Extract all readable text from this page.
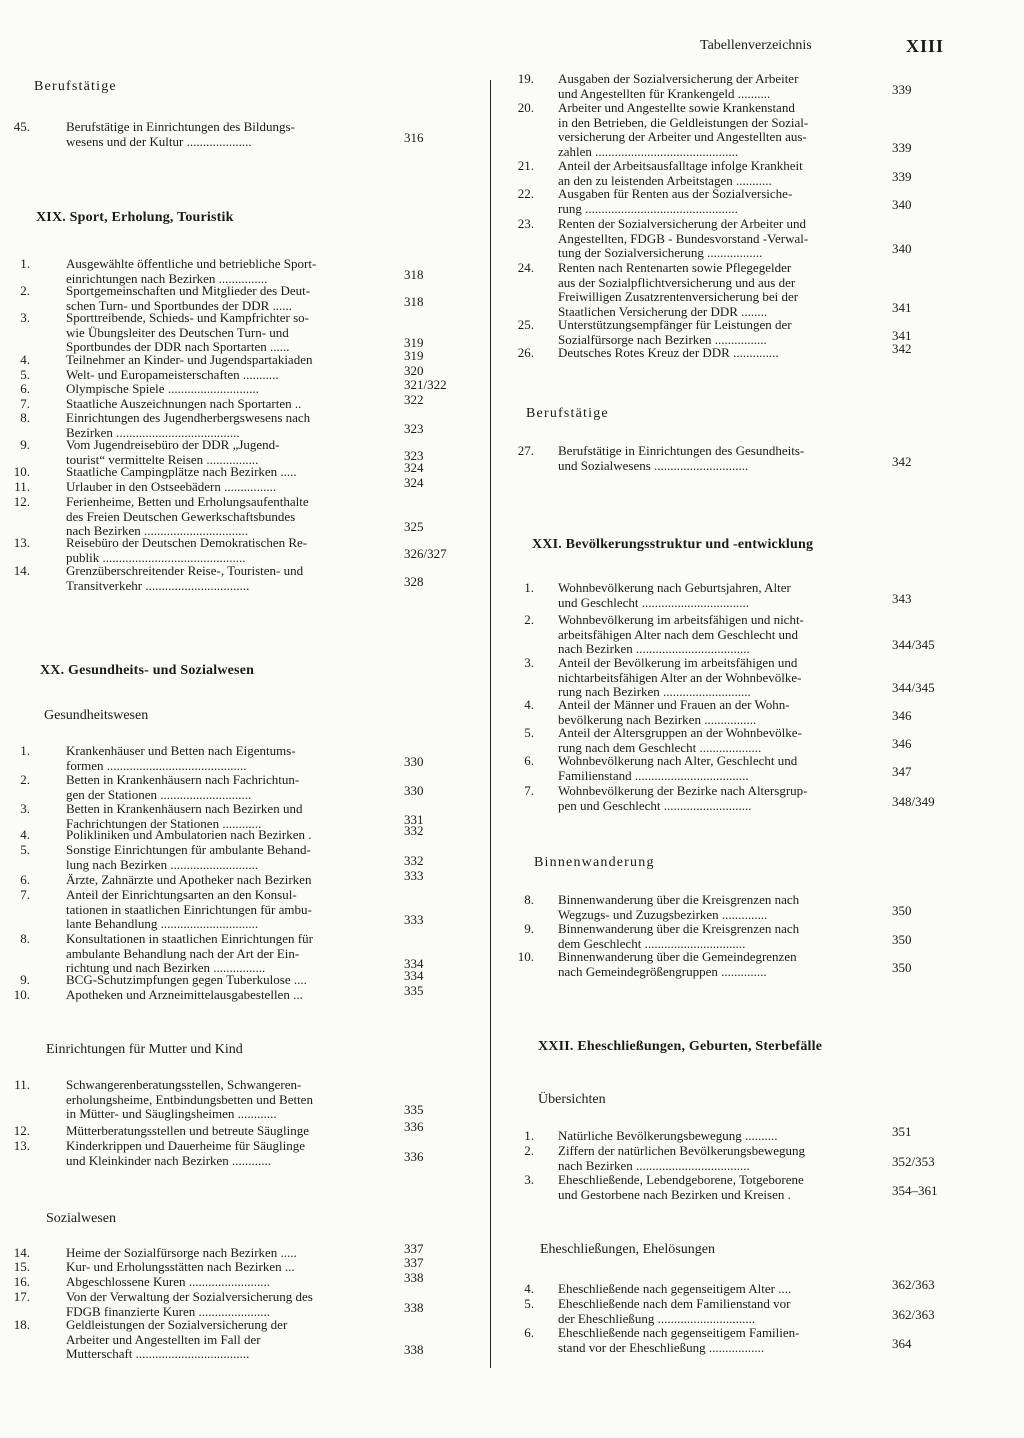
Tabellenverzeichnis	XIII
Berufstätige
45.	Berufstätige in Einrichtungen des Bildungs-
wesens und der Kultur ....................	316
XIX. Sport, Erholung, Touristik
1.	Ausgewählte öffentliche und betriebliche Sport-
einrichtungen nach Bezirken ...............	318
2.	Sportgemeinschaften und Mitglieder des Deut-
schen Turn- und Sportbundes der DDR ......	318
3.	Sporttreibende, Schieds- und Kampfrichter so-
wie Übungsleiter des Deutschen Turn- und
Sportbundes der DDR nach Sportarten ......	319
4.	Teilnehmer an Kinder- und Jugendspartakiaden	319
5.	Welt- und Europameisterschaften ...........	320
6.	Olympische Spiele ............................	321/322
7.	Staatliche Auszeichnungen nach Sportarten ..	322
8.	Einrichtungen des Jugendherbergswesens nach
Bezirken ......................................	323
9.	Vom Jugendreisebüro der DDR „Jugend-
tourist“ vermittelte Reisen ................	323
10.	Staatliche Campingplätze nach Bezirken .....	324
11.	Urlauber in den Ostseebädern ................	324
12.	Ferienheime, Betten und Erholungsaufenthalte
des Freien Deutschen Gewerkschaftsbundes
nach Bezirken ................................	325
13.	Reisebüro der Deutschen Demokratischen Re-
publik ............................................	326/327
14.	Grenzüberschreitender Reise-, Touristen- und
Transitverkehr ................................	328
XX. Gesundheits- und Sozialwesen
Gesundheitswesen
1.	Krankenhäuser und Betten nach Eigentums-
formen ...........................................	330
2.	Betten in Krankenhäusern nach Fachrichtun-
gen der Stationen ............................	330
3.	Betten in Krankenhäusern nach Bezirken und
Fachrichtungen der Stationen ............	331
4.	Polikliniken und Ambulatorien nach Bezirken .	332
5.	Sonstige Einrichtungen für ambulante Behand-
lung nach Bezirken ...........................	332
6.	Ärzte, Zahnärzte und Apotheker nach Bezirken	333
7.	Anteil der Einrichtungsarten an den Konsul-
tationen in staatlichen Einrichtungen für ambu-
lante Behandlung ..............................	333
8.	Konsultationen in staatlichen Einrichtungen für
ambulante Behandlung nach der Art der Ein-
richtung und nach Bezirken ................	334
9.	BCG-Schutzimpfungen gegen Tuberkulose ....	334
10.	Apotheken und Arzneimittelausgabestellen ...	335
Einrichtungen für Mutter und Kind
11.	Schwangerenberatungsstellen, Schwangeren-
erholungsheime, Entbindungsbetten und Betten
in Mütter- und Säuglingsheimen ............	335
12.	Mütterberatungsstellen und betreute Säuglinge	336
13.	Kinderkrippen und Dauerheime für Säuglinge
und Kleinkinder nach Bezirken ............	336
Sozialwesen
14.	Heime der Sozialfürsorge nach Bezirken .....	337
15.	Kur- und Erholungsstätten nach Bezirken ...	337
16.	Abgeschlossene Kuren .........................	338
17.	Von der Verwaltung der Sozialversicherung des
FDGB finanzierte Kuren ......................	338
18.	Geldleistungen der Sozialversicherung der
Arbeiter und Angestellten im Fall der
Mutterschaft ...................................	338
19. Ausgaben der Sozialversicherung der Arbeiter
und Angestellten für Krankengeld ..........	339
20. Arbeiter und Angestellte sowie Krankenstand
in den Betrieben, die Geldleistungen der Sozial-
versicherung der Arbeiter und Angestellten aus-
zahlen ............................................	339
21. Anteil der Arbeitsausfalltage infolge Krankheit
an den zu leistenden Arbeitstagen ...........	339
22. Ausgaben für Renten aus der Sozialversiche-
rung ...............................................	340
23. Renten der Sozialversicherung der Arbeiter und
Angestellten, FDGB - Bundesvorstand -Verwal-
tung der Sozialversicherung .................	340
24. Renten nach Rentenarten sowie Pflegegelder
aus der Sozialpflichtversicherung und aus der
Freiwilligen Zusatzrentenversicherung bei der
Staatlichen Versicherung der DDR ........	341
25. Unterstützungsempfänger für Leistungen der
Sozialfürsorge nach Bezirken ................	341
26. Deutsches Rotes Kreuz der DDR ..............	342
Berufstätige
27. Berufstätige in Einrichtungen des Gesundheits-
und Sozialwesens .............................	342
XXI. Bevölkerungsstruktur und -entwicklung
1. Wohnbevölkerung nach Geburtsjahren, Alter
und Geschlecht .................................	343
2. Wohnbevölkerung im arbeitsfähigen und nicht-
arbeitsfähigen Alter nach dem Geschlecht und
nach Bezirken ...................................	344/345
3. Anteil der Bevölkerung im arbeitsfähigen und
nichtarbeitsfähigen Alter an der Wohnbevölke-
rung nach Bezirken ...........................	344/345
4. Anteil der Männer und Frauen an der Wohn-
bevölkerung nach Bezirken ................	346
5. Anteil der Altersgruppen an der Wohnbevölke-
rung nach dem Geschlecht ...................	346
6. Wohnbevölkerung nach Alter, Geschlecht und
Familienstand ...................................	347
7. Wohnbevölkerung der Bezirke nach Altersgrup-
pen und Geschlecht ...........................	348/349
Binnenwanderung
8. Binnenwanderung über die Kreisgrenzen nach
Wegzugs- und Zuzugsbezirken ..............	350
9. Binnenwanderung über die Kreisgrenzen nach
dem Geschlecht ...............................	350
10. Binnenwanderung über die Gemeindegrenzen
nach Gemeindegrößengruppen ..............	350
XXII. Eheschließungen, Geburten, Sterbefälle
Übersichten
1. Natürliche Bevölkerungsbewegung ..........	351
2. Ziffern der natürlichen Bevölkerungsbewegung
nach Bezirken ...................................	352/353
3. Eheschließende, Lebendgeborene, Totgeborene
und Gestorbene nach Bezirken und Kreisen .	354–361
Eheschließungen, Ehelösungen
4. Eheschließende nach gegenseitigem Alter ....	362/363
5. Eheschließende nach dem Familienstand vor
der Eheschließung ..............................	362/363
6. Eheschließende nach gegenseitigem Familien-
stand vor der Eheschließung .................	364
